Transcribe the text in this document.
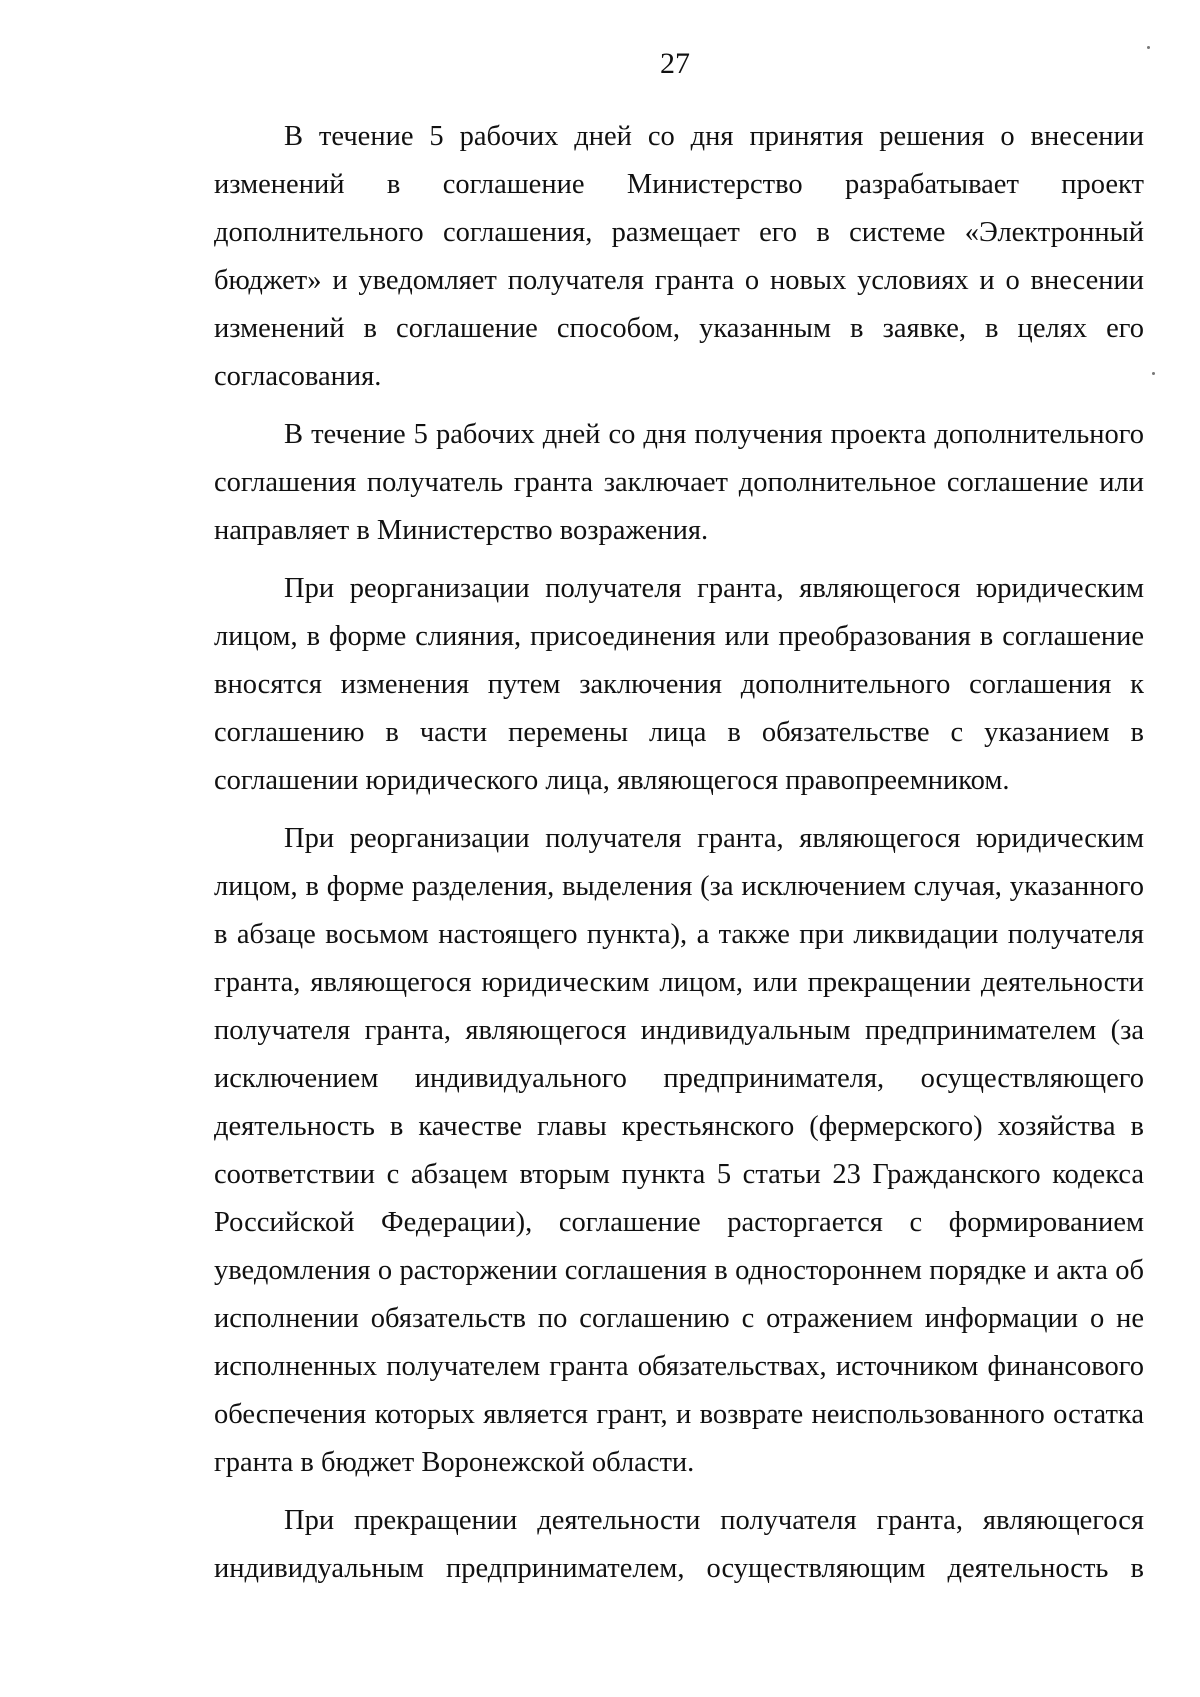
27

В течение 5 рабочих дней со дня принятия решения о внесении
изменений в соглашение Министерство разрабатывает проект
дополнительного соглашения, размещает его в системе «Электронный
бюджет» и уведомляет получателя гранта о новых условиях и о внесении
изменений в соглашение способом, указанным в заявке, в целях его
согласования.

В течение 5 рабочих дней со дня получения проекта дополнительного
соглашения получатель гранта заключает дополнительное соглашение или
направляет в Министерство возражения.

При реорганизации получателя гранта, являющегося юридическим
лицом, в форме слияния, присоединения или преобразования в соглашение
вносятся изменения путем заключения дополнительного соглашения к
соглашению в части перемены лица в обязательстве с указанием в
соглашении юридического лица, являющегося правопреемником.

При реорганизации получателя гранта, являющегося юридическим
лицом, в форме разделения, выделения (за исключением случая, указанного
в абзаце восьмом настоящего пункта), а также при ликвидации получателя
гранта, являющегося юридическим лицом, или прекращении деятельности
получателя гранта, являющегося индивидуальным предпринимателем (за
исключением индивидуального предпринимателя, осуществляющего
деятельность в качестве главы крестьянского (фермерского) хозяйства в
соответствии с абзацем вторым пункта 5 статьи 23 Гражданского кодекса
Российской Федерации), соглашение расторгается с формированием
уведомления о расторжении соглашения в одностороннем порядке и акта об
исполнении обязательств по соглашению с отражением информации о не
исполненных получателем гранта обязательствах, источником финансового
обеспечения которых является грант, и возврате неиспользованного остатка
гранта в бюджет Воронежской области.

При прекращении деятельности получателя гранта, являющегося
индивидуальным предпринимателем, осуществляющим деятельность в
